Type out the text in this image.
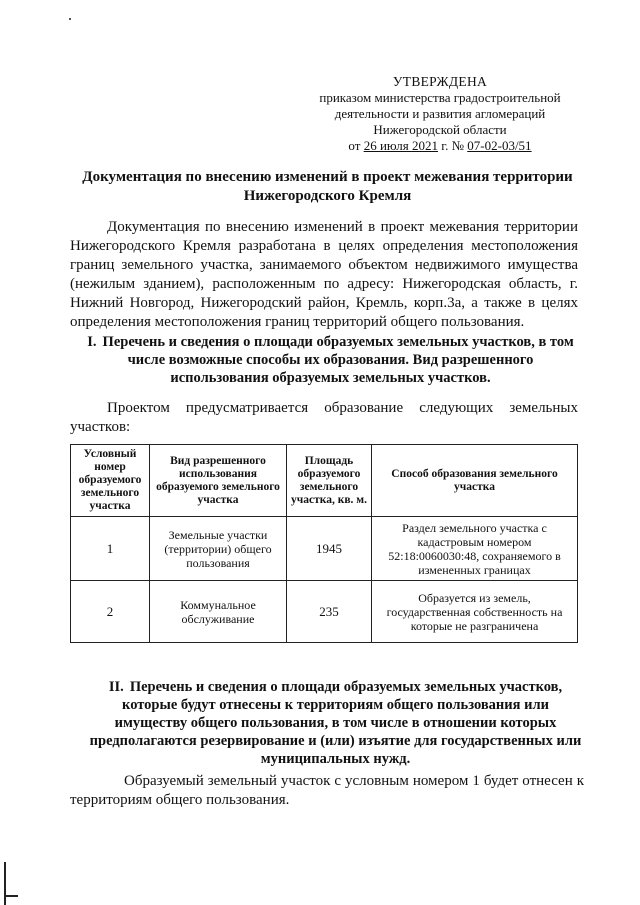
УТВЕРЖДЕНА
приказом министерства градостроительной
деятельности и развития агломераций
Нижегородской области
от 26 июля 2021 г. № 07-02-03/51
Документация по внесению изменений в проект межевания территории Нижегородского Кремля
Документация по внесению изменений в проект межевания территории Нижегородского Кремля разработана в целях определения местоположения границ земельного участка, занимаемого объектом недвижимого имущества (нежилым зданием), расположенным по адресу: Нижегородская область, г. Нижний Новгород, Нижегородский район, Кремль, корп.3а, а также в целях определения местоположения границ территорий общего пользования.
I. Перечень и сведения о площади образуемых земельных участков, в том числе возможные способы их образования. Вид разрешенного использования образуемых земельных участков.
Проектом предусматривается образование следующих земельных
участков:
Условный номер образуемого земельного участка	Вид разрешенного использования образуемого земельного участка	Площадь образуемого земельного участка, кв. м.	Способ образования земельного участка
1	Земельные участки (территории) общего пользования	1945	Раздел земельного участка с кадастровым номером 52:18:0060030:48, сохраняемого в измененных границах
2	Коммунальное обслуживание	235	Образуется из земель, государственная собственность на которые не разграничена
II. Перечень и сведения о площади образуемых земельных участков, которые будут отнесены к территориям общего пользования или имуществу общего пользования, в том числе в отношении которых предполагаются резервирование и (или) изъятие для государственных или муниципальных нужд.
Образуемый земельный участок с условным номером 1 будет отнесен к территориям общего пользования.
